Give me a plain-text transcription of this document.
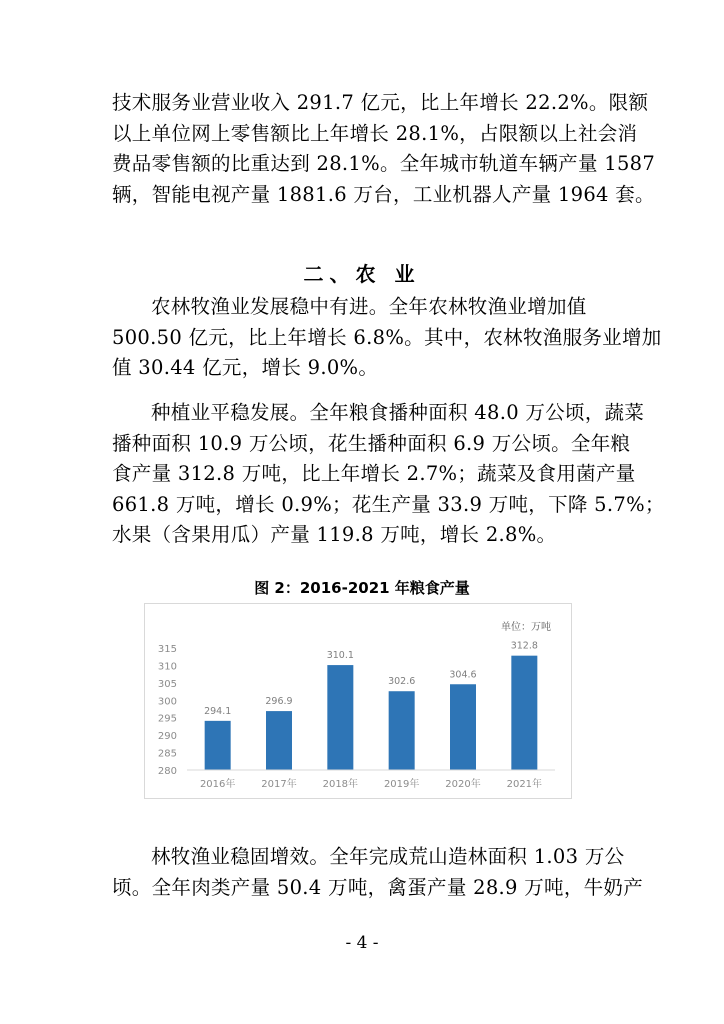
技术服务业营业收入 291.7 亿元，比上年增长 22.2%。限额
以上单位网上零售额比上年增长 28.1%，占限额以上社会消
费品零售额的比重达到 28.1%。全年城市轨道车辆产量 1587
辆，智能电视产量 1881.6 万台，工业机器人产量 1964 套。
二、农 业
农林牧渔业发展稳中有进。全年农林牧渔业增加值
500.50 亿元，比上年增长 6.8%。其中，农林牧渔服务业增加
值 30.44 亿元，增长 9.0%。
种植业平稳发展。全年粮食播种面积 48.0 万公顷，蔬菜
播种面积 10.9 万公顷，花生播种面积 6.9 万公顷。全年粮
食产量 312.8 万吨，比上年增长 2.7%；蔬菜及食用菌产量
661.8 万吨，增长 0.9%；花生产量 33.9 万吨，下降 5.7%；
水果（含果用瓜）产量 119.8 万吨，增长 2.8%。
图 2：2016-2021 年粮食产量
单位：万吨
280
285
290
295
300
305
310
315
294.1
296.9
310.1
302.6
304.6
312.8
2016年	2017年	2018年	2019年	2020年	2021年
林牧渔业稳固增效。全年完成荒山造林面积 1.03 万公
顷。全年肉类产量 50.4 万吨，禽蛋产量 28.9 万吨，牛奶产
- 4 -
